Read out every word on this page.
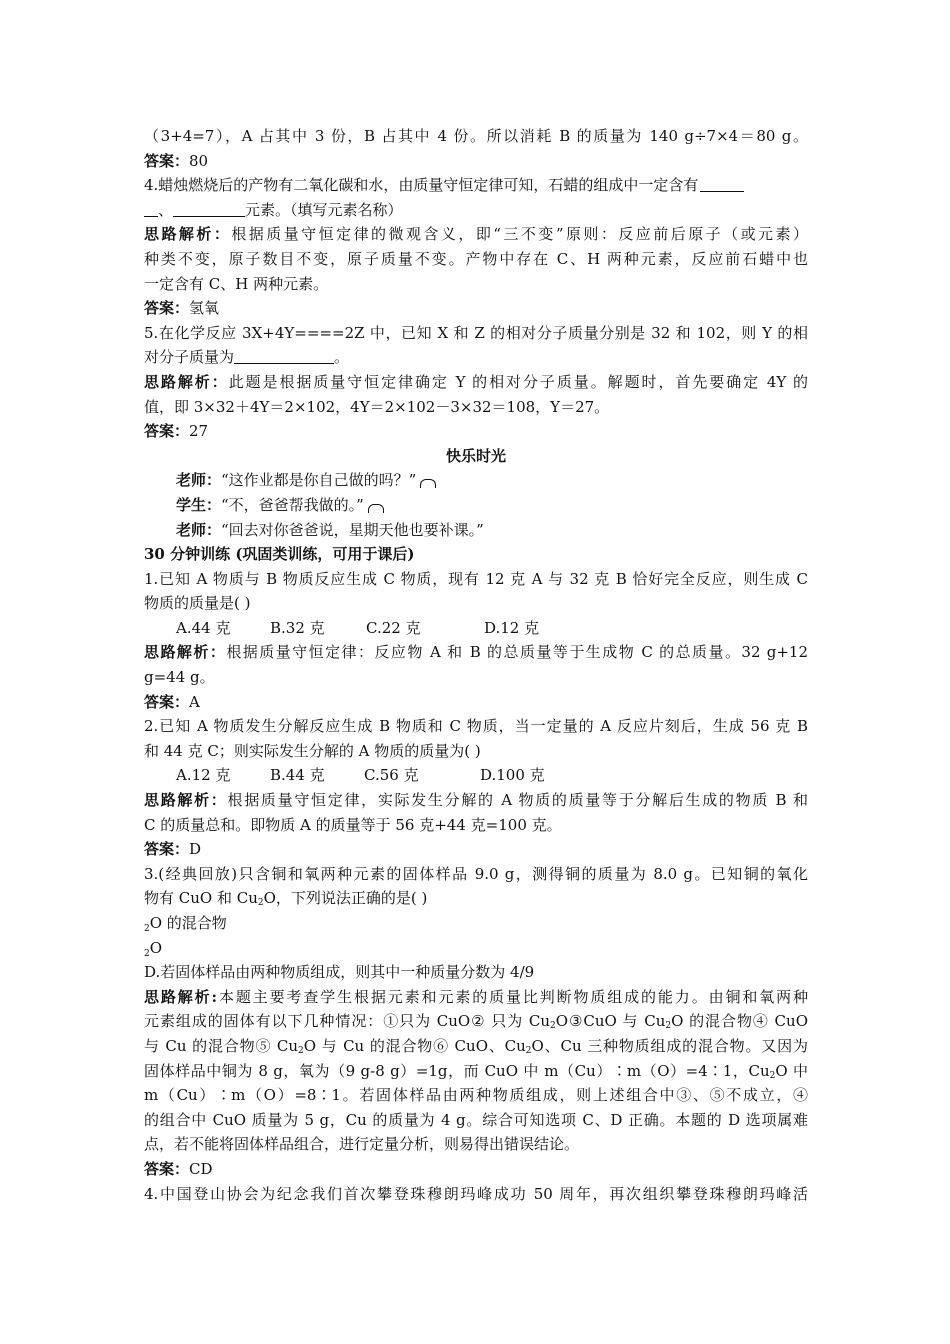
（3+4=7），A 占其中 3 份，B 占其中 4 份。所以消耗 B 的质量为 140 g÷7×4＝80 g。
答案：80
4.蜡烛燃烧后的产物有二氧化碳和水，由质量守恒定律可知，石蜡的组成中一定含有
、	元素。（填写元素名称）
思路解析：根据质量守恒定律的微观含义，即“三不变”原则：反应前后原子（或元素）
种类不变，原子数目不变，原子质量不变。产物中存在 C、H 两种元素，反应前石蜡中也
一定含有 C、H 两种元素。
答案：氢氧
5.在化学反应 3X+4Y====2Z 中，已知 X 和 Z 的相对分子质量分别是 32 和 102，则 Y 的相
对分子质量为	。
思路解析：此题是根据质量守恒定律确定 Y 的相对分子质量。解题时，首先要确定 4Y 的
值，即 3×32＋4Y＝2×102，4Y＝2×102－3×32＝108，Y＝27。
答案：27
快乐时光
老师：“这作业都是你自己做的吗？”
学生：“不，爸爸帮我做的。”
老师：“回去对你爸爸说，星期天他也要补课。”
30 分钟训练 (巩固类训练，可用于课后)
1.已知 A 物质与 B 物质反应生成 C 物质，现有 12 克 A 与 32 克 B 恰好完全反应，则生成 C
物质的质量是( )
A.44 克	B.32 克	C.22 克	D.12 克
思路解析：根据质量守恒定律：反应物 A 和 B 的总质量等于生成物 C 的总质量。32 g+12
g=44 g。
答案：A
2.已知 A 物质发生分解反应生成 B 物质和 C 物质，当一定量的 A 反应片刻后，生成 56 克 B
和 44 克 C；则实际发生分解的 A 物质的质量为( )
A.12 克	B.44 克	C.56 克	D.100 克
思路解析：根据质量守恒定律，实际发生分解的 A 物质的质量等于分解后生成的物质 B 和
C 的质量总和。即物质 A 的质量等于 56 克+44 克=100 克。
答案：D
3.(经典回放)只含铜和氧两种元素的固体样品 9.0 g，测得铜的质量为 8.0 g。已知铜的氧化
物有 CuO 和 $Cu_2O$，下列说法正确的是( )
$_2$O 的混合物
$_2$O
D.若固体样品由两种物质组成，则其中一种质量分数为 4/9
思路解析:本题主要考查学生根据元素和元素的质量比判断物质组成的能力。由铜和氧两种
元素组成的固体有以下几种情况：①只为 CuO② 只为 $Cu_2O③CuO$ 与 $Cu_2O$ 的混合物④ CuO
与 Cu 的混合物⑤ $Cu_2O$ 与 Cu 的混合物⑥ CuO、$Cu_2O$、Cu 三种物质组成的混合物。又因为
固体样品中铜为 8 g，氧为（9 g-8 g）=1g，而 CuO 中 m（Cu）∶m（O）=4∶1，$Cu_2O$ 中
m（Cu）∶m（O）=8∶1。若固体样品由两种物质组成，则上述组合中③、⑤不成立，④
的组合中 CuO 质量为 5 g，Cu 的质量为 4 g。综合可知选项 C、D 正确。本题的 D 选项属难
点，若不能将固体样品组合，进行定量分析，则易得出错误结论。
答案：CD
4.中国登山协会为纪念我们首次攀登珠穆朗玛峰成功 50 周年，再次组织攀登珠穆朗玛峰活
